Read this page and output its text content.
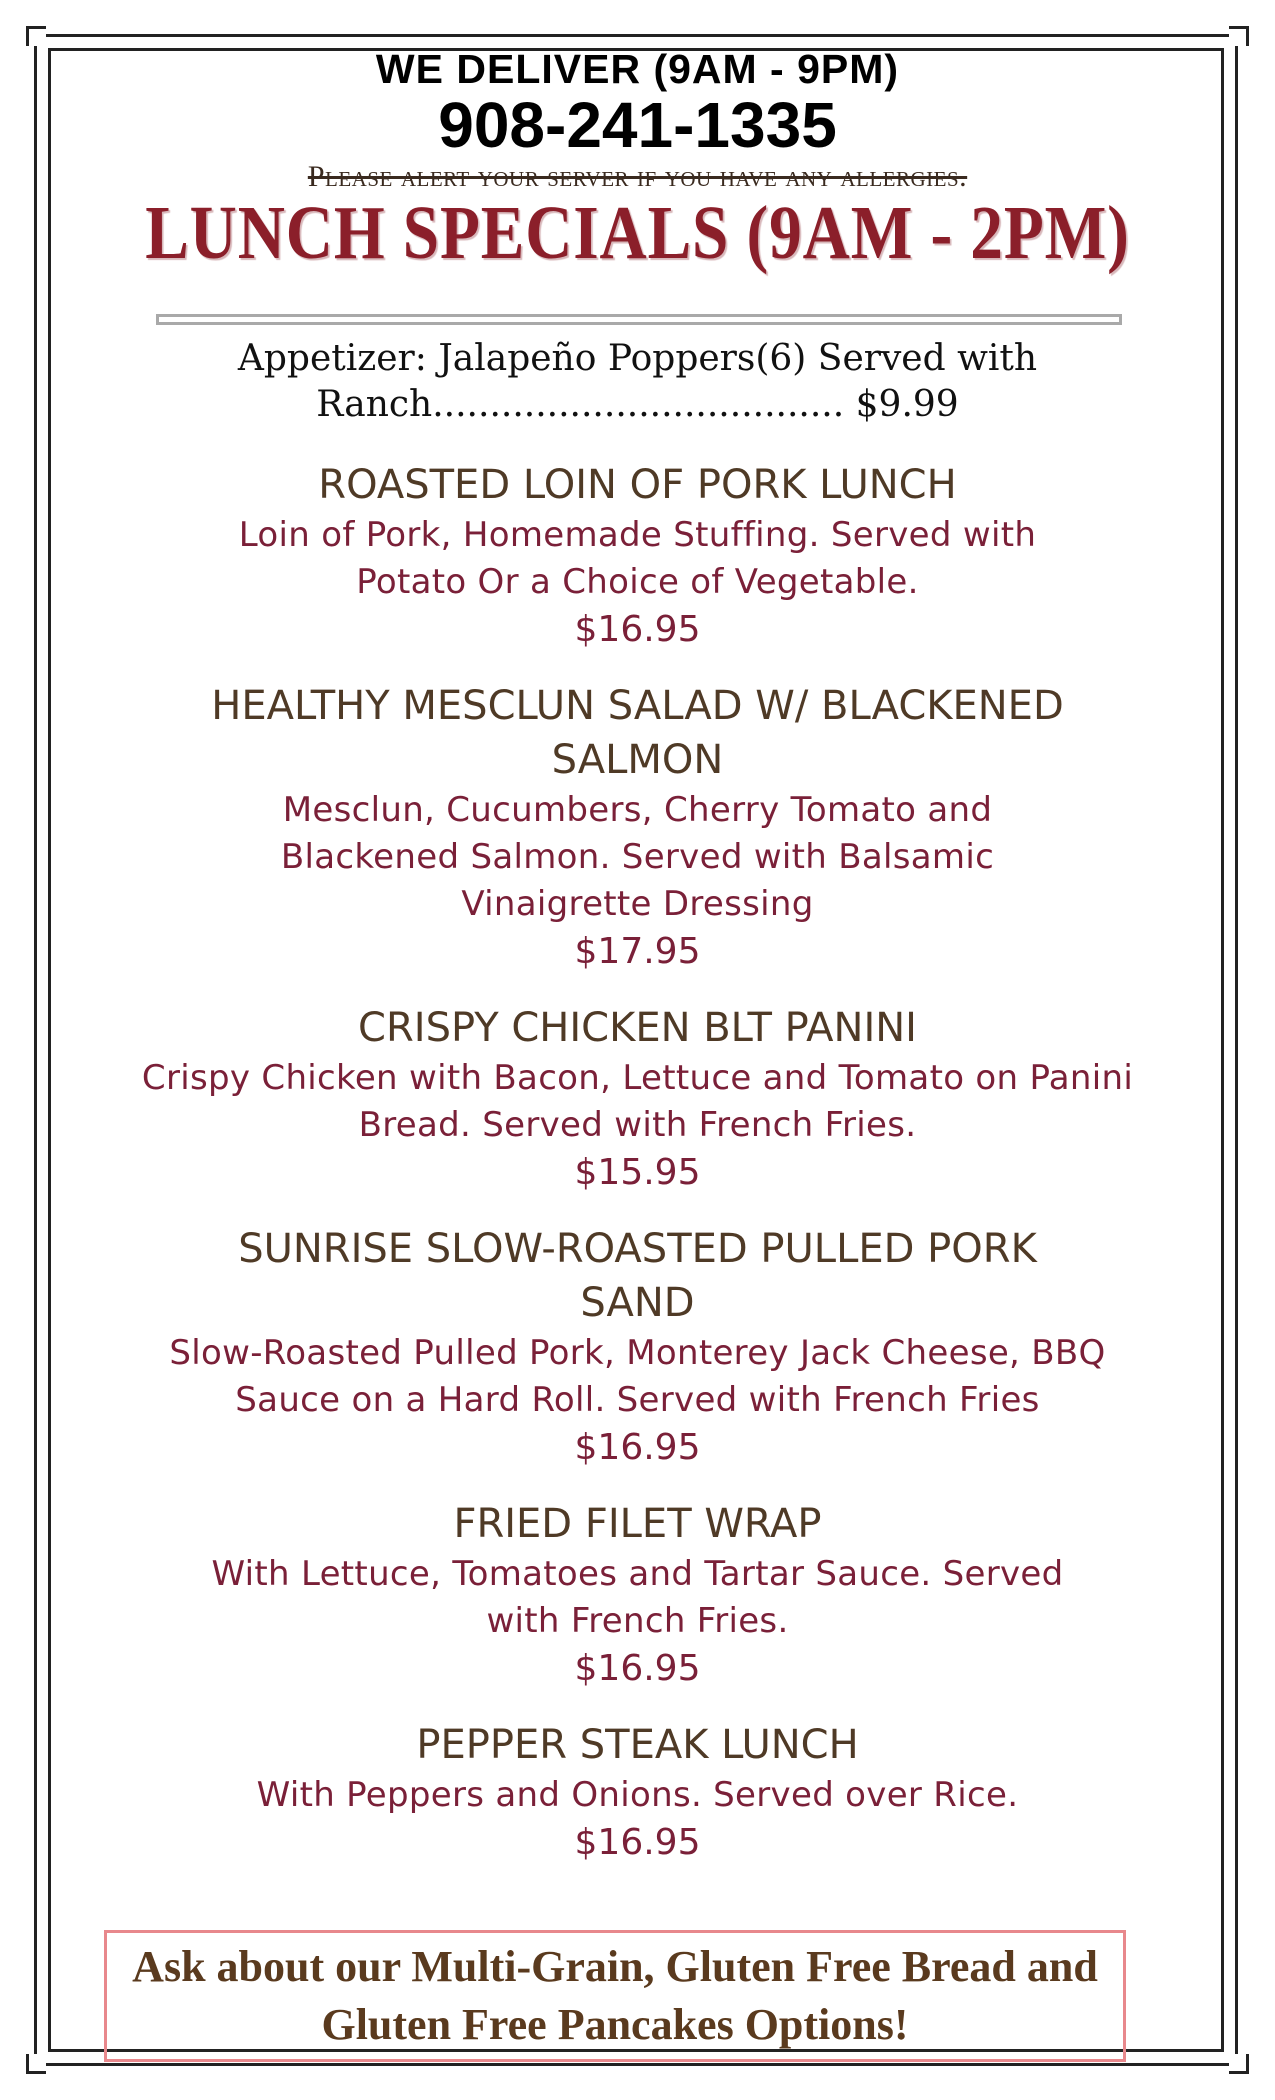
WE DELIVER (9AM - 9PM)

908-241-1335

Please alert your server if you have any allergies.

LUNCH SPECIALS (9AM - 2PM)

Appetizer: Jalapeño Poppers(6) Served with

Ranch.................................... $9.99

ROASTED LOIN OF PORK LUNCH

Loin of Pork, Homemade Stuffing. Served with Potato Or a Choice of Vegetable.

$16.95

HEALTHY MESCLUN SALAD W/ BLACKENED SALMON

Mesclun, Cucumbers, Cherry Tomato and Blackened Salmon. Served with Balsamic Vinaigrette Dressing

$17.95

CRISPY CHICKEN BLT PANINI

Crispy Chicken with Bacon, Lettuce and Tomato on Panini Bread. Served with French Fries.

$15.95

SUNRISE SLOW-ROASTED PULLED PORK SAND

Slow-Roasted Pulled Pork, Monterey Jack Cheese, BBQ Sauce on a Hard Roll. Served with French Fries

$16.95

FRIED FILET WRAP

With Lettuce, Tomatoes and Tartar Sauce. Served with French Fries.

$16.95

PEPPER STEAK LUNCH

With Peppers and Onions. Served over Rice.

$16.95

Ask about our Multi-Grain, Gluten Free Bread and Gluten Free Pancakes Options!
